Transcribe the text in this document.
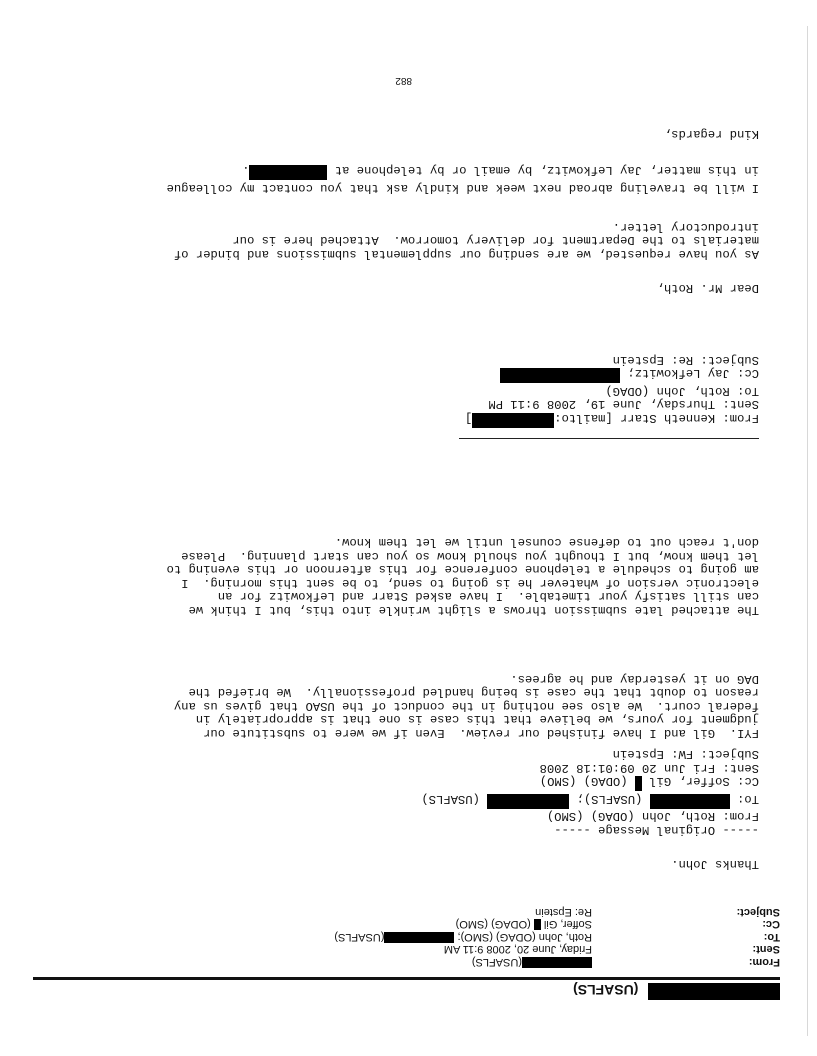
(USAFLS)
From:
(USAFLS)
Sent:
Friday, June 20, 2008 9:11 AM
To:
Roth, John (ODAG) (SMO); (USAFLS)
Cc:
Soffer, Gil  (ODAG) (SMO)
Subject:
Re: Epstein
Thanks John.
----- Original Message -----
From: Roth, John (ODAG) (SMO)
To:  (USAFLS);  (USAFLS)
Cc: Soffer, Gil  (ODAG) (SMO)
Sent: Fri Jun 20 09:01:18 2008
Subject: FW: Epstein
FYI.  Gil and I have finished our review.  Even if we were to substitute our
judgment for yours, we believe that this case is one that is appropriately in
federal court.  We also see nothing in the conduct of the USAO that gives us any
reason to doubt that the case is being handled professionally.  We briefed the
DAG on it yesterday and he agrees.
The attached late submission throws a slight wrinkle into this, but I think we
can still satisfy your timetable.  I have asked Starr and Lefkowitz for an
electronic version of whatever he is going to send, to be sent this morning.  I
am going to schedule a telephone conference for this afternoon or this evening to
let them know, but I thought you should know so you can start planning.  Please
don't reach out to defense counsel until we let them know.
From: Kenneth Starr [mailto:]
Sent: Thursday, June 19, 2008 9:11 PM
To: Roth, John (ODAG)
Cc: Jay Lefkowitz;
Subject: Re: Epstein
Dear Mr. Roth,
As you have requested, we are sending our supplemental submissions and binder of
materials to the Department for delivery tomorrow.  Attached here is our
introductory letter.
I will be traveling abroad next week and kindly ask that you contact my colleague
in this matter, Jay Lefkowitz, by email or by telephone at .
Kind regards,
882
